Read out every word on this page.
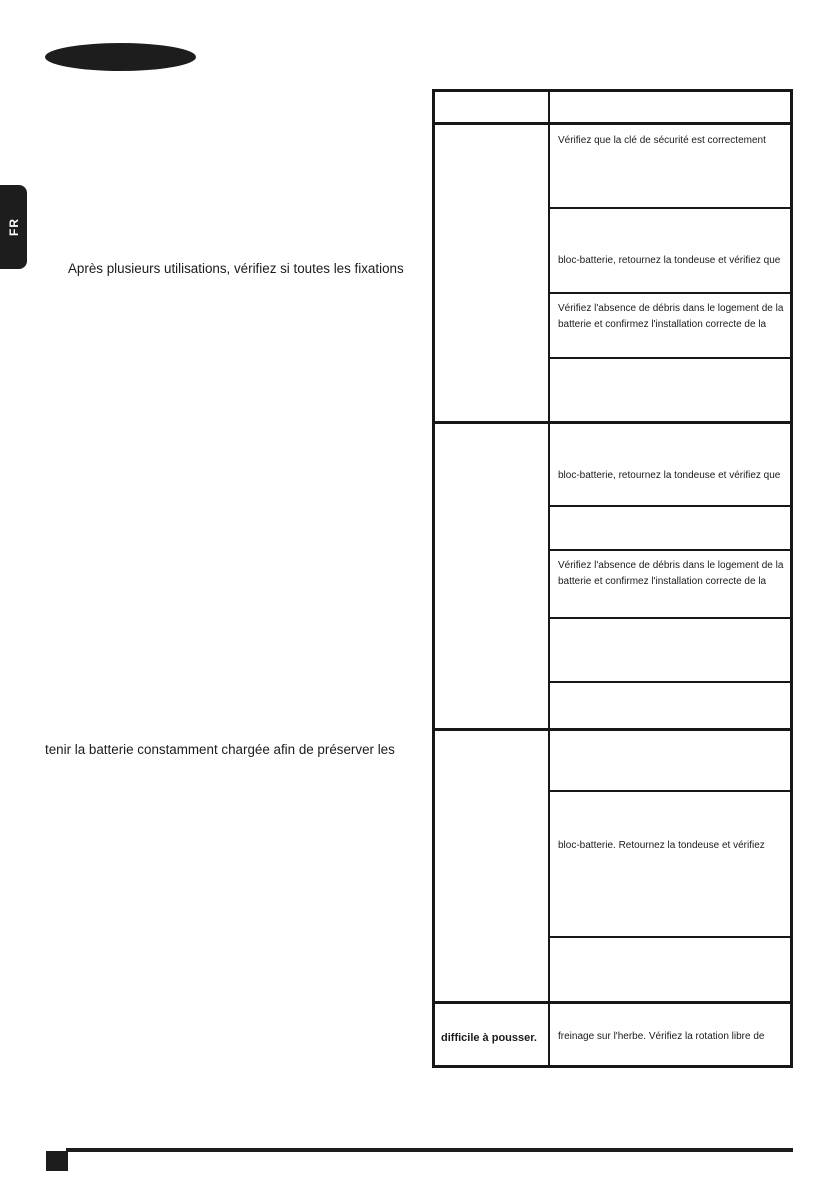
FR
Après plusieurs utilisations, vérifiez si toutes les fixations
tenir la batterie constamment chargée afin de préserver les
Vérifiez que la clé de sécurité est correctement
bloc-batterie, retournez la tondeuse et vérifiez que
Vérifiez l'absence de débris dans le logement de la
batterie et confirmez l'installation correcte de la
bloc-batterie, retournez la tondeuse et vérifiez que
Vérifiez l'absence de débris dans le logement de la
batterie et confirmez l'installation correcte de la
bloc-batterie. Retournez la tondeuse et vérifiez
difficile à pousser.	freinage sur l'herbe. Vérifiez la rotation libre de
